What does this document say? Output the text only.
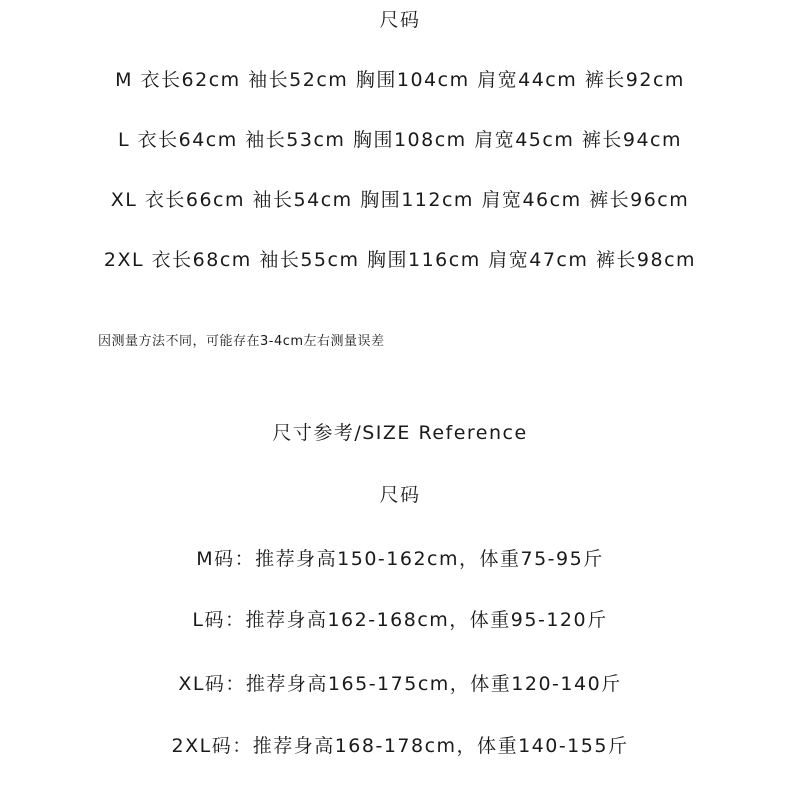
尺码
M 衣长62cm 袖长52cm 胸围104cm 肩宽44cm 裤长92cm
L 衣长64cm 袖长53cm 胸围108cm 肩宽45cm 裤长94cm
XL 衣长66cm 袖长54cm 胸围112cm 肩宽46cm 裤长96cm
2XL 衣长68cm 袖长55cm 胸围116cm 肩宽47cm 裤长98cm
因测量方法不同，可能存在3-4cm左右测量误差
尺寸参考/SIZE Reference
尺码
M码：推荐身高150-162cm，体重75-95斤
L码：推荐身高162-168cm，体重95-120斤
XL码：推荐身高165-175cm，体重120-140斤
2XL码：推荐身高168-178cm，体重140-155斤
